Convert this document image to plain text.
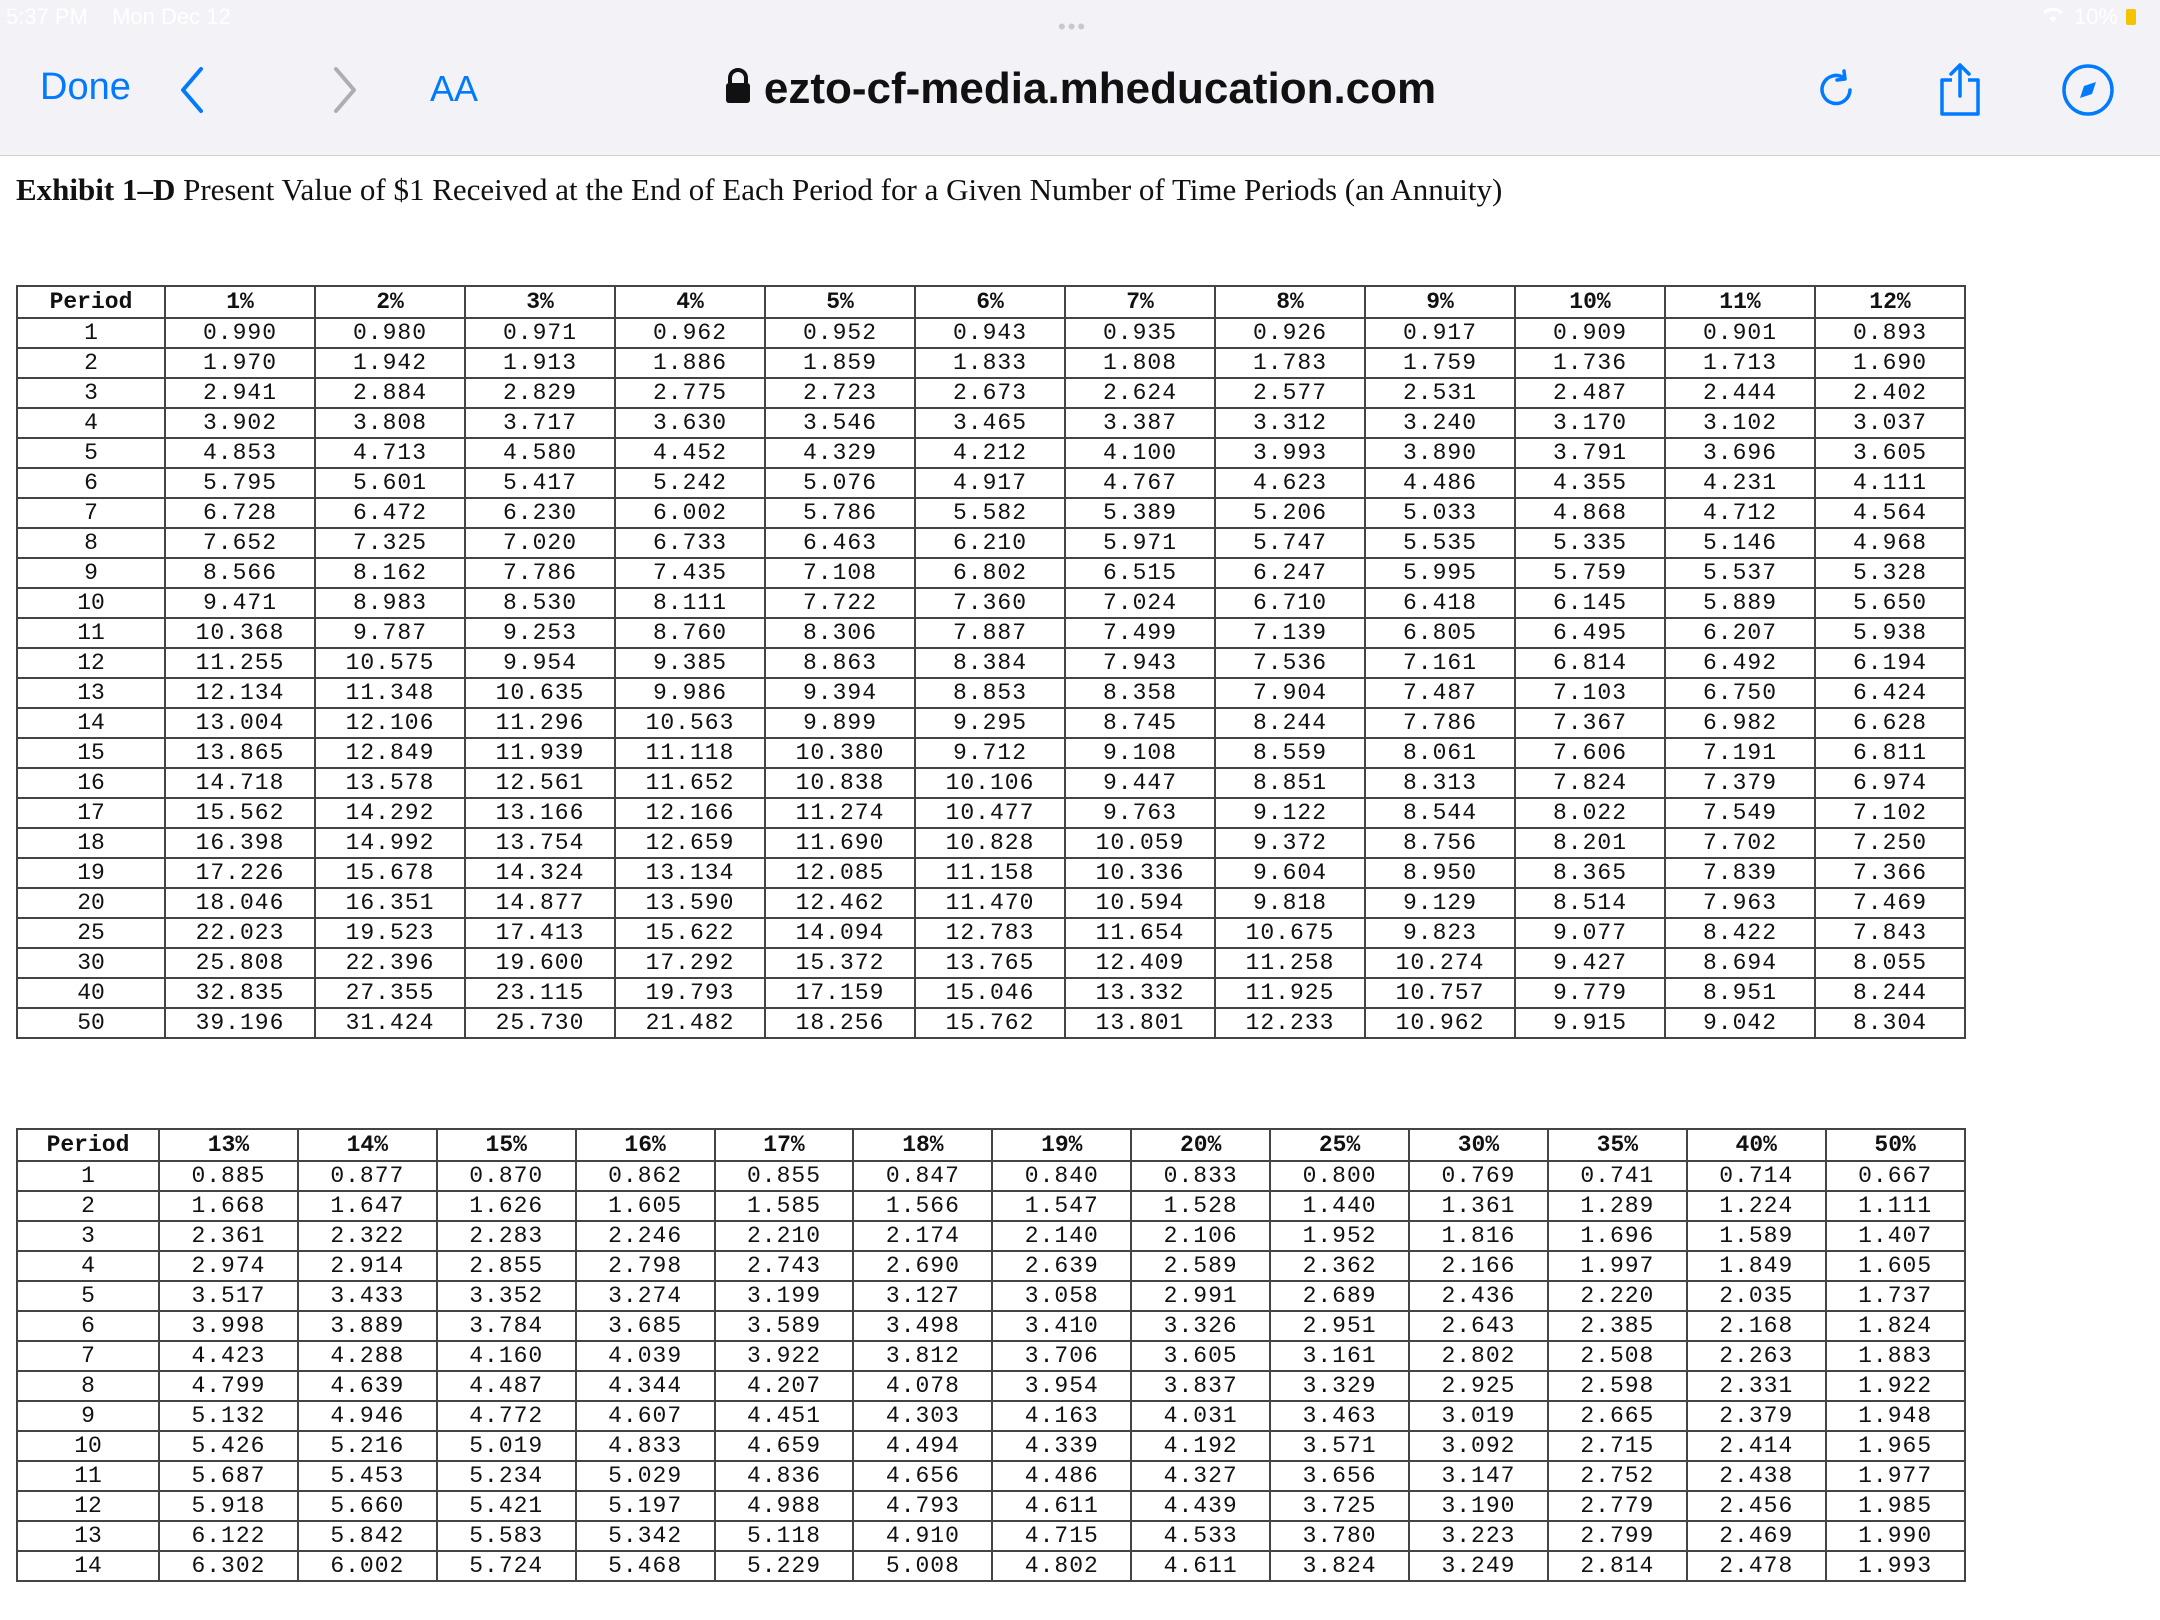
5:37 PM Mon Dec 12	•••	10%
Done	AA	ezto-cf-media.mheducation.com
Exhibit 1–D Present Value of $1 Received at the End of Each Period for a Given Number of Time Periods (an Annuity)
Period	1%	2%	3%	4%	5%	6%	7%	8%	9%	10%	11%	12%
1	0.990	0.980	0.971	0.962	0.952	0.943	0.935	0.926	0.917	0.909	0.901	0.893
2	1.970	1.942	1.913	1.886	1.859	1.833	1.808	1.783	1.759	1.736	1.713	1.690
3	2.941	2.884	2.829	2.775	2.723	2.673	2.624	2.577	2.531	2.487	2.444	2.402
4	3.902	3.808	3.717	3.630	3.546	3.465	3.387	3.312	3.240	3.170	3.102	3.037
5	4.853	4.713	4.580	4.452	4.329	4.212	4.100	3.993	3.890	3.791	3.696	3.605
6	5.795	5.601	5.417	5.242	5.076	4.917	4.767	4.623	4.486	4.355	4.231	4.111
7	6.728	6.472	6.230	6.002	5.786	5.582	5.389	5.206	5.033	4.868	4.712	4.564
8	7.652	7.325	7.020	6.733	6.463	6.210	5.971	5.747	5.535	5.335	5.146	4.968
9	8.566	8.162	7.786	7.435	7.108	6.802	6.515	6.247	5.995	5.759	5.537	5.328
10	9.471	8.983	8.530	8.111	7.722	7.360	7.024	6.710	6.418	6.145	5.889	5.650
11	10.368	9.787	9.253	8.760	8.306	7.887	7.499	7.139	6.805	6.495	6.207	5.938
12	11.255	10.575	9.954	9.385	8.863	8.384	7.943	7.536	7.161	6.814	6.492	6.194
13	12.134	11.348	10.635	9.986	9.394	8.853	8.358	7.904	7.487	7.103	6.750	6.424
14	13.004	12.106	11.296	10.563	9.899	9.295	8.745	8.244	7.786	7.367	6.982	6.628
15	13.865	12.849	11.939	11.118	10.380	9.712	9.108	8.559	8.061	7.606	7.191	6.811
16	14.718	13.578	12.561	11.652	10.838	10.106	9.447	8.851	8.313	7.824	7.379	6.974
17	15.562	14.292	13.166	12.166	11.274	10.477	9.763	9.122	8.544	8.022	7.549	7.102
18	16.398	14.992	13.754	12.659	11.690	10.828	10.059	9.372	8.756	8.201	7.702	7.250
19	17.226	15.678	14.324	13.134	12.085	11.158	10.336	9.604	8.950	8.365	7.839	7.366
20	18.046	16.351	14.877	13.590	12.462	11.470	10.594	9.818	9.129	8.514	7.963	7.469
25	22.023	19.523	17.413	15.622	14.094	12.783	11.654	10.675	9.823	9.077	8.422	7.843
30	25.808	22.396	19.600	17.292	15.372	13.765	12.409	11.258	10.274	9.427	8.694	8.055
40	32.835	27.355	23.115	19.793	17.159	15.046	13.332	11.925	10.757	9.779	8.951	8.244
50	39.196	31.424	25.730	21.482	18.256	15.762	13.801	12.233	10.962	9.915	9.042	8.304
Period	13%	14%	15%	16%	17%	18%	19%	20%	25%	30%	35%	40%	50%
1	0.885	0.877	0.870	0.862	0.855	0.847	0.840	0.833	0.800	0.769	0.741	0.714	0.667
2	1.668	1.647	1.626	1.605	1.585	1.566	1.547	1.528	1.440	1.361	1.289	1.224	1.111
3	2.361	2.322	2.283	2.246	2.210	2.174	2.140	2.106	1.952	1.816	1.696	1.589	1.407
4	2.974	2.914	2.855	2.798	2.743	2.690	2.639	2.589	2.362	2.166	1.997	1.849	1.605
5	3.517	3.433	3.352	3.274	3.199	3.127	3.058	2.991	2.689	2.436	2.220	2.035	1.737
6	3.998	3.889	3.784	3.685	3.589	3.498	3.410	3.326	2.951	2.643	2.385	2.168	1.824
7	4.423	4.288	4.160	4.039	3.922	3.812	3.706	3.605	3.161	2.802	2.508	2.263	1.883
8	4.799	4.639	4.487	4.344	4.207	4.078	3.954	3.837	3.329	2.925	2.598	2.331	1.922
9	5.132	4.946	4.772	4.607	4.451	4.303	4.163	4.031	3.463	3.019	2.665	2.379	1.948
10	5.426	5.216	5.019	4.833	4.659	4.494	4.339	4.192	3.571	3.092	2.715	2.414	1.965
11	5.687	5.453	5.234	5.029	4.836	4.656	4.486	4.327	3.656	3.147	2.752	2.438	1.977
12	5.918	5.660	5.421	5.197	4.988	4.793	4.611	4.439	3.725	3.190	2.779	2.456	1.985
13	6.122	5.842	5.583	5.342	5.118	4.910	4.715	4.533	3.780	3.223	2.799	2.469	1.990
14	6.302	6.002	5.724	5.468	5.229	5.008	4.802	4.611	3.824	3.249	2.814	2.478	1.993
